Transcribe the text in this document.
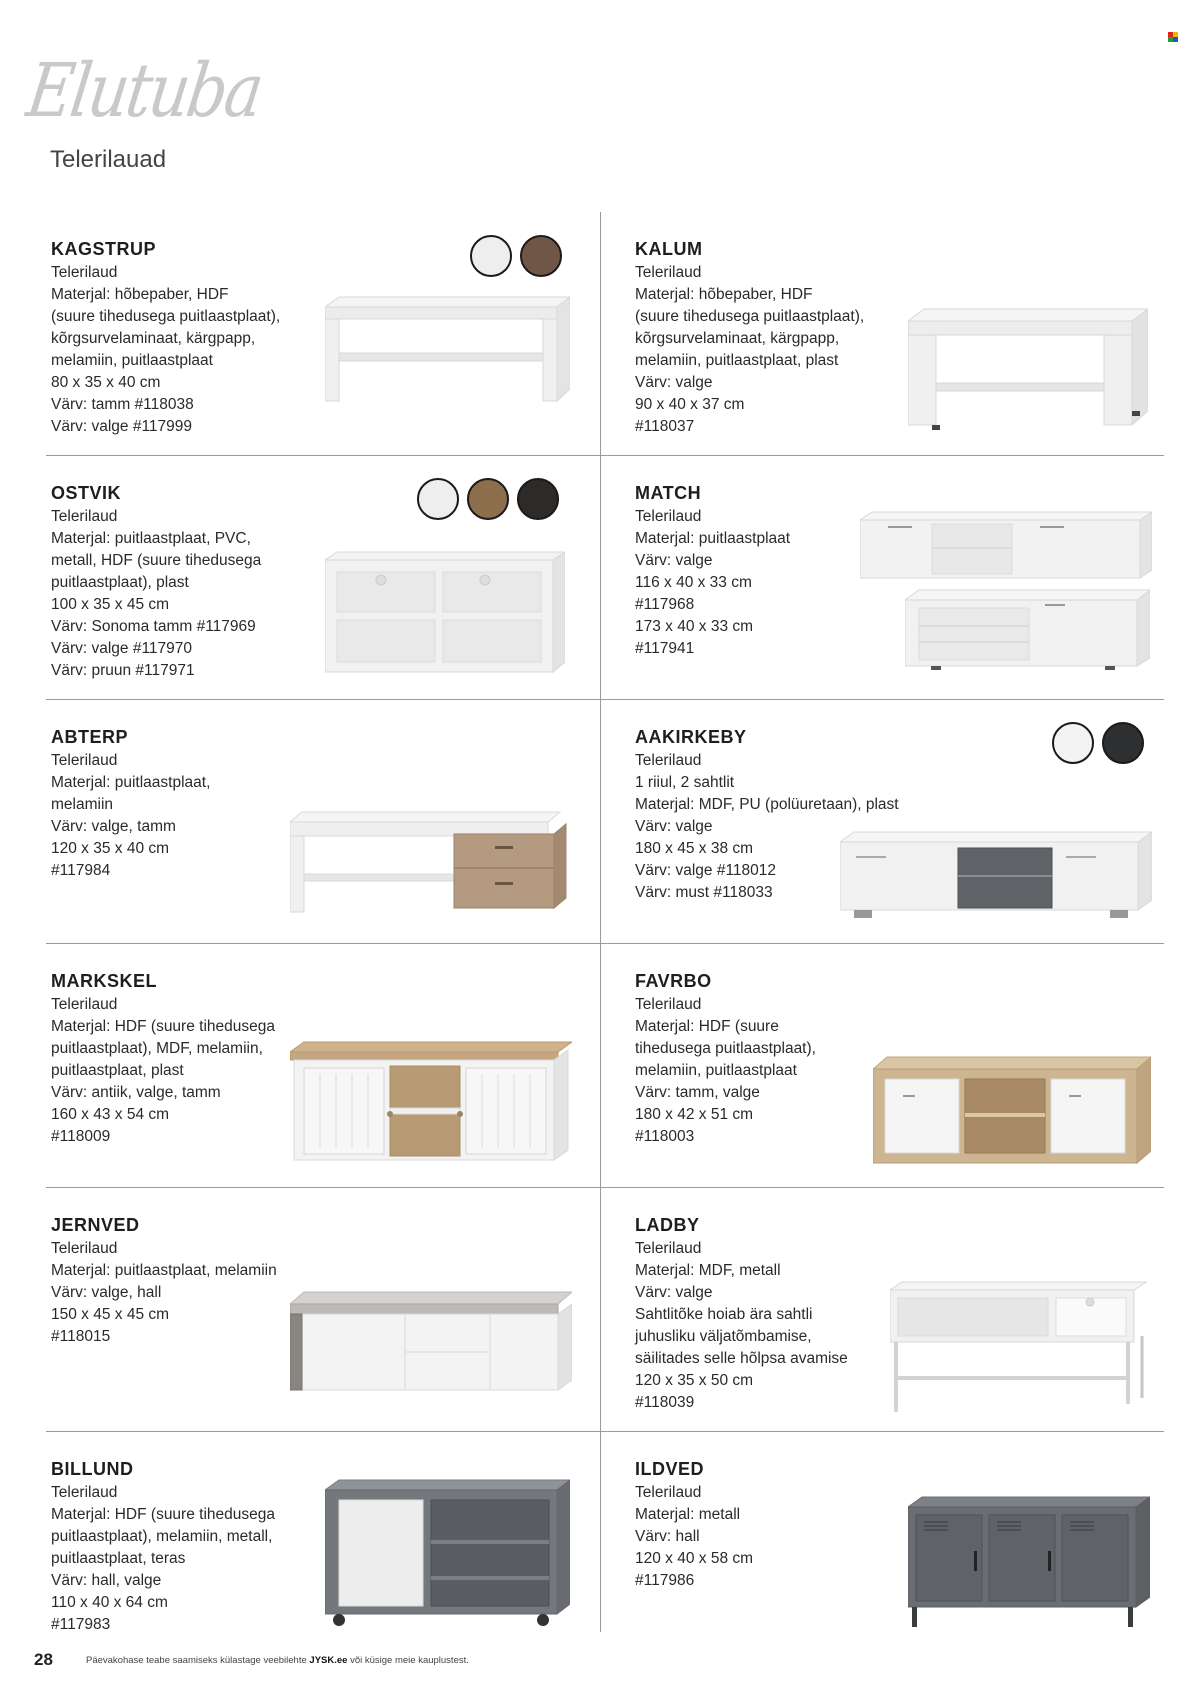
Elutuba
Telerilauad
KAGSTRUP
Telerilaud
Materjal: hõbepaber, HDF
(suure tihedusega puitlaastplaat),
kõrgsurvelaminaat, kärgpapp,
melamiin, puitlaastplaat
80 x 35 x 40 cm
Värv: tamm #118038
Värv: valge #117999
KALUM
Telerilaud
Materjal: hõbepaber, HDF
(suure tihedusega puitlaastplaat),
kõrgsurvelaminaat, kärgpapp,
melamiin, puitlaastplaat, plast
Värv: valge
90 x 40 x 37 cm
#118037
OSTVIK
Telerilaud
Materjal: puitlaastplaat, PVC,
metall, HDF (suure tihedusega
puitlaastplaat), plast
100 x 35 x 45 cm
Värv: Sonoma tamm #117969
Värv: valge #117970
Värv: pruun #117971
MATCH
Telerilaud
Materjal: puitlaastplaat
Värv: valge
116 x 40 x 33 cm
#117968
173 x 40 x 33 cm
#117941
ABTERP
Telerilaud
Materjal: puitlaastplaat,
melamiin
Värv: valge, tamm
120 x 35 x 40 cm
#117984
AAKIRKEBY
Telerilaud
1 riiul, 2 sahtlit
Materjal: MDF, PU (polüuretaan), plast
Värv: valge
180 x 45 x 38 cm
Värv: valge #118012
Värv: must #118033
MARKSKEL
Telerilaud
Materjal: HDF (suure tihedusega
puitlaastplaat), MDF, melamiin,
puitlaastplaat, plast
Värv: antiik, valge, tamm
160 x 43 x 54 cm
#118009
FAVRBO
Telerilaud
Materjal: HDF (suure
tihedusega puitlaastplaat),
melamiin, puitlaastplaat
Värv: tamm, valge
180 x 42 x 51 cm
#118003
JERNVED
Telerilaud
Materjal: puitlaastplaat, melamiin
Värv: valge, hall
150 x 45 x 45 cm
#118015
LADBY
Telerilaud
Materjal: MDF, metall
Värv: valge
Sahtlitõke hoiab ära sahtli
juhusliku väljatõmbamise,
säilitades selle hõlpsa avamise
120 x 35 x 50 cm
#118039
BILLUND
Telerilaud
Materjal: HDF (suure tihedusega
puitlaastplaat), melamiin, metall,
puitlaastplaat, teras
Värv: hall, valge
110 x 40 x 64 cm
#117983
ILDVED
Telerilaud
Materjal: metall
Värv: hall
120 x 40 x 58 cm
#117986
28	Päevakohase teabe saamiseks külastage veebilehte JYSK.ee või küsige meie kauplustest.
